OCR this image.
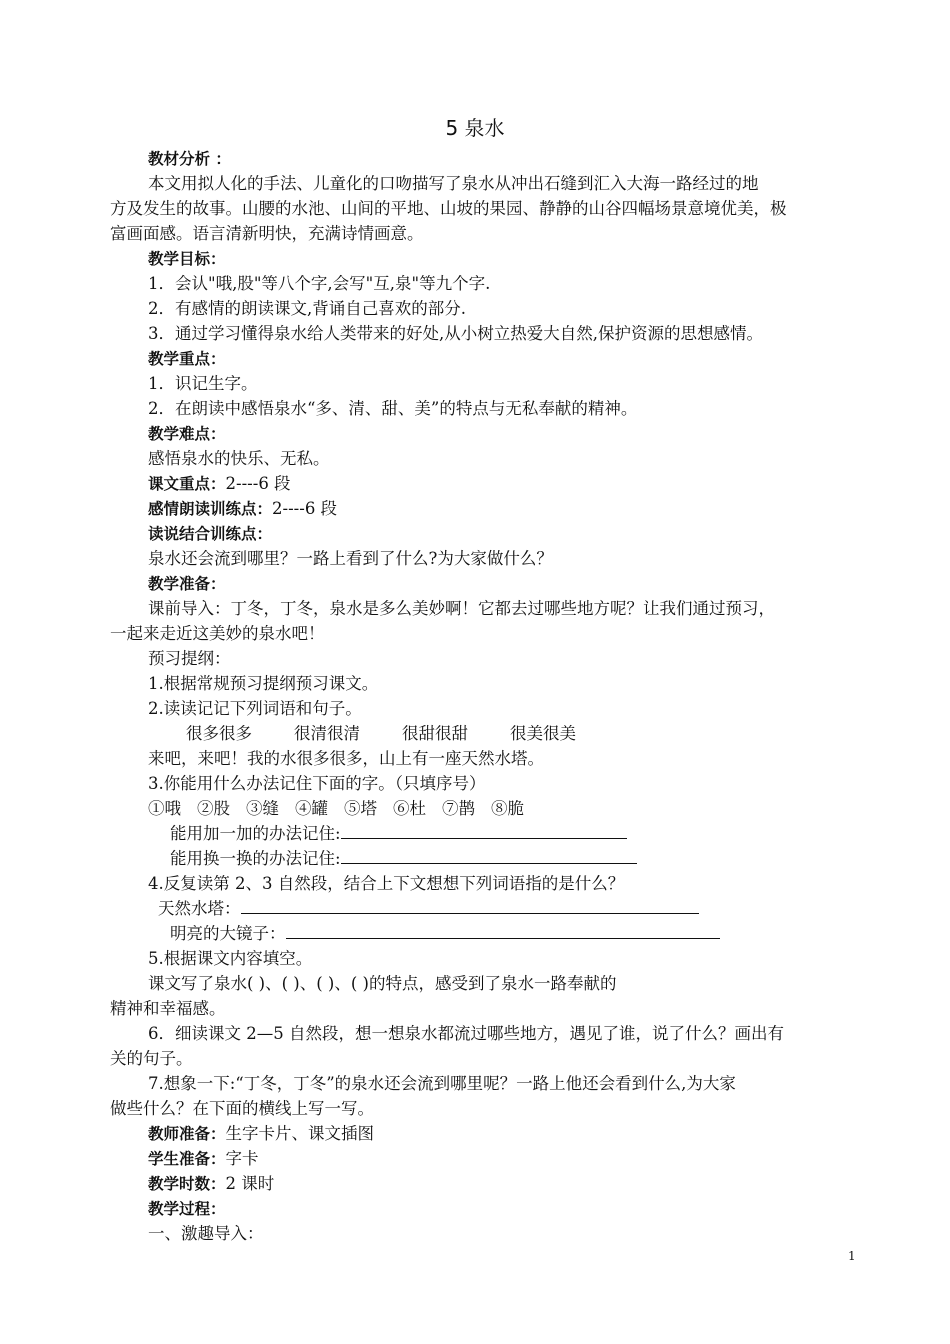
5 泉水
教材分析 ：
本文用拟人化的手法、儿童化的口吻描写了泉水从冲出石缝到汇入大海一路经过的地
方及发生的故事。山腰的水池、山间的平地、山坡的果园、静静的山谷四幅场景意境优美，极
富画面感。语言清新明快，充满诗情画意。
教学目标：
1．会认"哦,股"等八个字,会写"互,泉"等九个字.
2．有感情的朗读课文,背诵自己喜欢的部分.
3．通过学习懂得泉水给人类带来的好处,从小树立热爱大自然,保护资源的思想感情。
教学重点：
1．识记生字。
2．在朗读中感悟泉水“多、清、甜、美”的特点与无私奉献的精神。
教学难点：
感悟泉水的快乐、无私。
课文重点：2----6 段
感情朗读训练点：2----6 段
读说结合训练点：
泉水还会流到哪里？一路上看到了什么?为大家做什么？
教学准备：
课前导入：丁冬，丁冬，泉水是多么美妙啊！它都去过哪些地方呢？让我们通过预习，
一起来走近这美妙的泉水吧！
预习提纲：
1.根据常规预习提纲预习课文。
2.读读记记下列词语和句子。
很多很多	很清很清	很甜很甜	很美很美
来吧，来吧！我的水很多很多，山上有一座天然水塔。
3.你能用什么办法记住下面的字。（只填序号）
①哦 ②股 ③缝 ④罐 ⑤塔 ⑥杜 ⑦鹊 ⑧脆
能用加一加的办法记住:
能用换一换的办法记住:
4.反复读第 2、3 自然段，结合上下文想想下列词语指的是什么？
天然水塔：
明亮的大镜子：
5.根据课文内容填空。
课文写了泉水( )、( )、( )、( )的特点，感受到了泉水一路奉献的
精神和幸福感。
6．细读课文 2—5 自然段，想一想泉水都流过哪些地方，遇见了谁，说了什么？画出有
关的句子。
7.想象一下:“丁冬，丁冬”的泉水还会流到哪里呢？一路上他还会看到什么,为大家
做些什么？在下面的横线上写一写。
教师准备：生字卡片、课文插图
学生准备：字卡
教学时数：2 课时
教学过程：
一、激趣导入：
1
